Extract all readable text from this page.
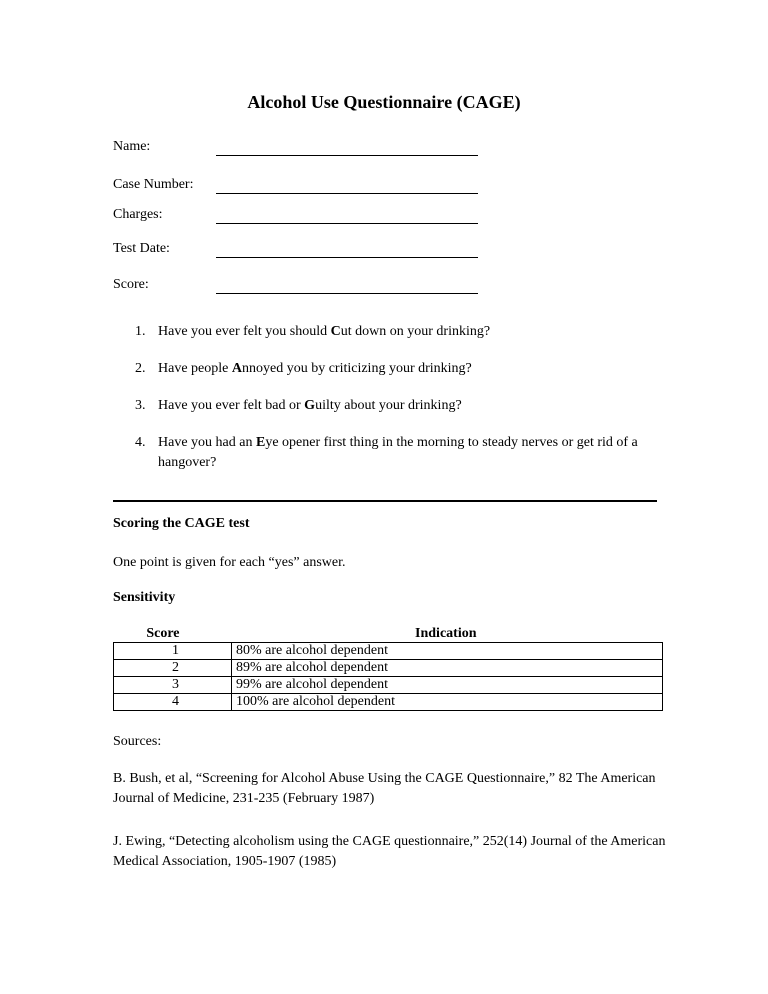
Alcohol Use Questionnaire (CAGE)
Name:
Case Number:
Charges:
Test Date:
Score:
1. Have you ever felt you should Cut down on your drinking?
2. Have people Annoyed you by criticizing your drinking?
3. Have you ever felt bad or Guilty about your drinking?
4. Have you had an Eye opener first thing in the morning to steady nerves or get rid of a hangover?
Scoring the CAGE test
One point is given for each “yes” answer.
Sensitivity
Score	Indication
1	80% are alcohol dependent
2	89% are alcohol dependent
3	99% are alcohol dependent
4	100% are alcohol dependent
Sources:
B. Bush, et al, “Screening for Alcohol Abuse Using the CAGE Questionnaire,” 82 The American Journal of Medicine, 231-235 (February 1987)
J. Ewing, “Detecting alcoholism using the CAGE questionnaire,” 252(14) Journal of the American Medical Association, 1905-1907 (1985)
